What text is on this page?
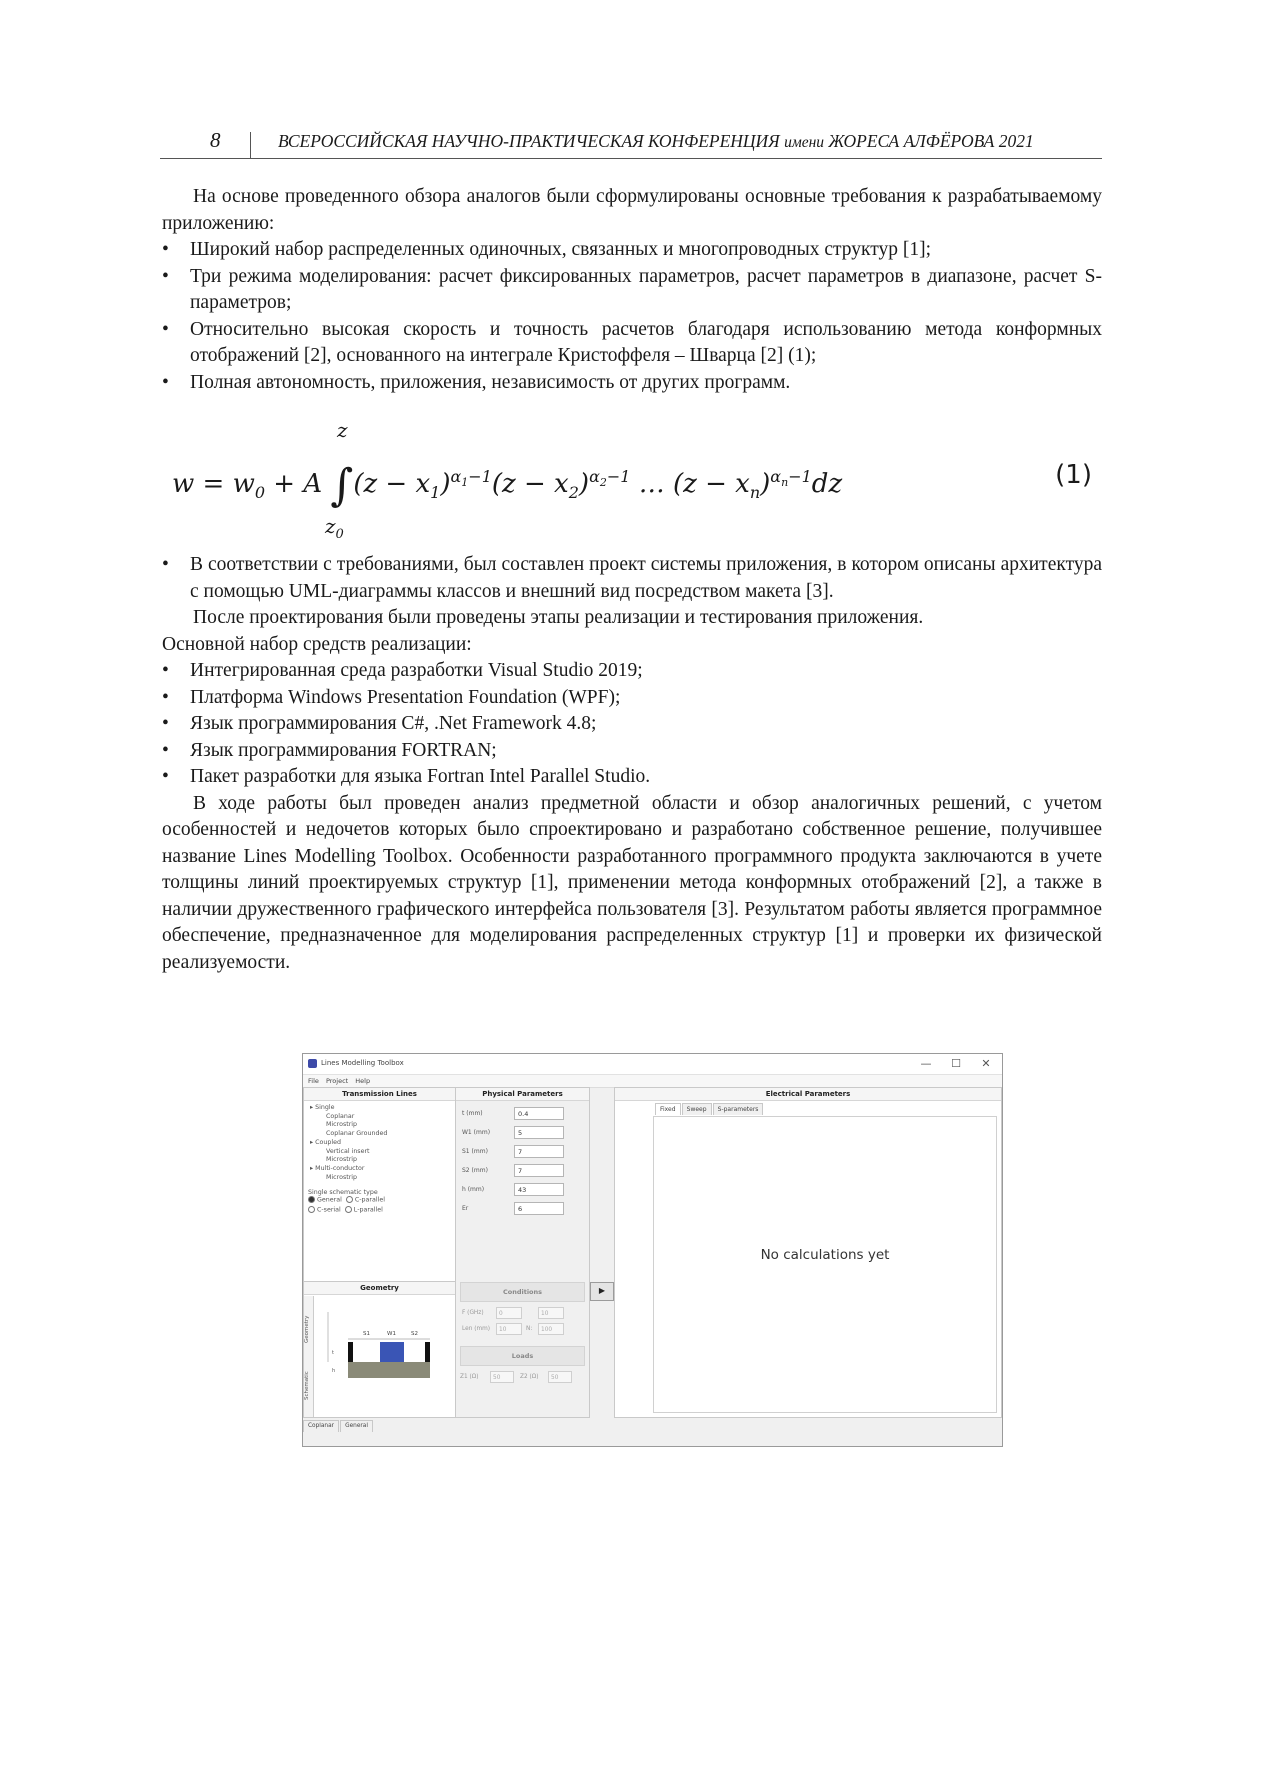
8	ВСЕРОССИЙСКАЯ НАУЧНО-ПРАКТИЧЕСКАЯ КОНФЕРЕНЦИЯ имени ЖОРЕСА АЛФЁРОВА 2021

На основе проведенного обзора аналогов были сформулированы основные требования к разрабатываемому приложению:

•	Широкий набор распределенных одиночных, связанных и многопроводных структур [1];
•	Три режима моделирования: расчет фиксированных параметров, расчет параметров в диапазоне, расчет S-параметров;
•	Относительно высокая скорость и точность расчетов благодаря использованию метода конформных отображений [2], основанного на интеграле Кристоффеля – Шварца [2] (1);
•	Полная автономность, приложения, независимость от других программ.
z
$w = w_0 + A$ $\int(z - x_1)^{\alpha_1-1}(z - x_2)^{\alpha_2-1}$ … $(z - x_n)^{\alpha_n-1}dz$
$z_0$
(1)
•	В соответствии с требованиями, был составлен проект системы приложения, в котором описаны архитектура с помощью UML-диаграммы классов и внешний вид посредством макета [3].

После проектирования были проведены этапы реализации и тестирования приложения.

Основной набор средств реализации:

•	Интегрированная среда разработки Visual Studio 2019;
•	Платформа Windows Presentation Foundation (WPF);
•	Язык программирования C#, .Net Framework 4.8;
•	Язык программирования FORTRAN;
•	Пакет разработки для языка Fortran Intel Parallel Studio.

В ходе работы был проведен анализ предметной области и обзор аналогичных решений, с учетом особенностей и недочетов которых было спроектировано и разработано собственное решение, получившее название Lines Modelling Toolbox. Особенности разработанного программного продукта заключаются в учете толщины линий проектируемых структур [1], применении метода конформных отображений [2], а также в наличии дружественного графического интерфейса пользователя [3]. Результатом работы является программное обеспечение, предназначенное для моделирования распределенных структур [1] и проверки их физической реализуемости.

Lines Modelling Toolbox	—	☐	✕
File Project Help
Transmission Lines
▸ Single
Coplanar
Microstrip
Coplanar Grounded
▸ Coupled
Vertical insert
Microstrip
▸ Multi-conductor
Microstrip
Single schematic type
General C-parallel
C-serial L-parallel
Geometry
Geometry
Schematic
S1	W1	S2
t
h
Physical Parameters
t (mm)	0.4
W1 (mm)	5
S1 (mm)	7
S2 (mm)	7
h (mm)	43
Er	6
Conditions
F (GHz)	0	10
Len (mm)	10	N:	100
Loads
Z1 (Ω)	50	Z2 (Ω)	50
▶
Electrical Parameters
Fixed Sweep S-parameters
No calculations yet
Coplanar General
